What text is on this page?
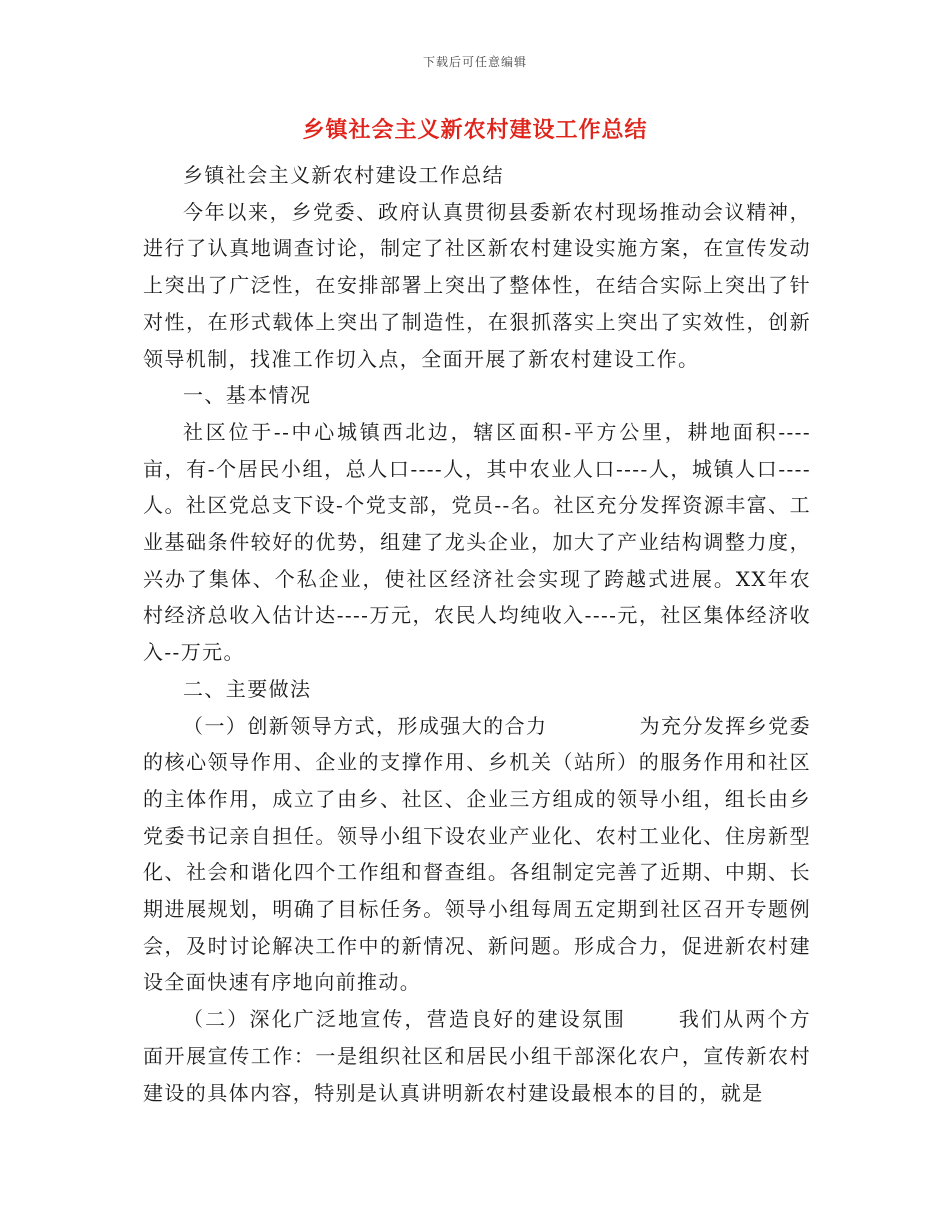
下载后可任意编辑
乡镇社会主义新农村建设工作总结

乡镇社会主义新农村建设工作总结

今年以来，乡党委、政府认真贯彻县委新农村现场推动会议精神，进行了认真地调查讨论，制定了社区新农村建设实施方案，在宣传发动上突出了广泛性，在安排部署上突出了整体性，在结合实际上突出了针对性，在形式载体上突出了制造性，在狠抓落实上突出了实效性，创新领导机制，找准工作切入点，全面开展了新农村建设工作。

一、基本情况

社区位于--中心城镇西北边，辖区面积-平方公里，耕地面积----亩，有-个居民小组，总人口----人，其中农业人口----人，城镇人口----人。社区党总支下设-个党支部，党员--名。社区充分发挥资源丰富、工业基础条件较好的优势，组建了龙头企业，加大了产业结构调整力度，兴办了集体、个私企业，使社区经济社会实现了跨越式进展。XX年农村经济总收入估计达----万元，农民人均纯收入----元，社区集体经济收入--万元。

二、主要做法

（一）创新领导方式，形成强大的合力	为充分发挥乡党委的核心领导作用、企业的支撑作用、乡机关（站所）的服务作用和社区的主体作用，成立了由乡、社区、企业三方组成的领导小组，组长由乡党委书记亲自担任。领导小组下设农业产业化、农村工业化、住房新型化、社会和谐化四个工作组和督查组。各组制定完善了近期、中期、长期进展规划，明确了目标任务。领导小组每周五定期到社区召开专题例会，及时讨论解决工作中的新情况、新问题。形成合力，促进新农村建设全面快速有序地向前推动。

（二）深化广泛地宣传，营造良好的建设氛围	我们从两个方面开展宣传工作：一是组织社区和居民小组干部深化农户，宣传新农村建设的具体内容，特别是认真讲明新农村建设最根本的目的，就是
